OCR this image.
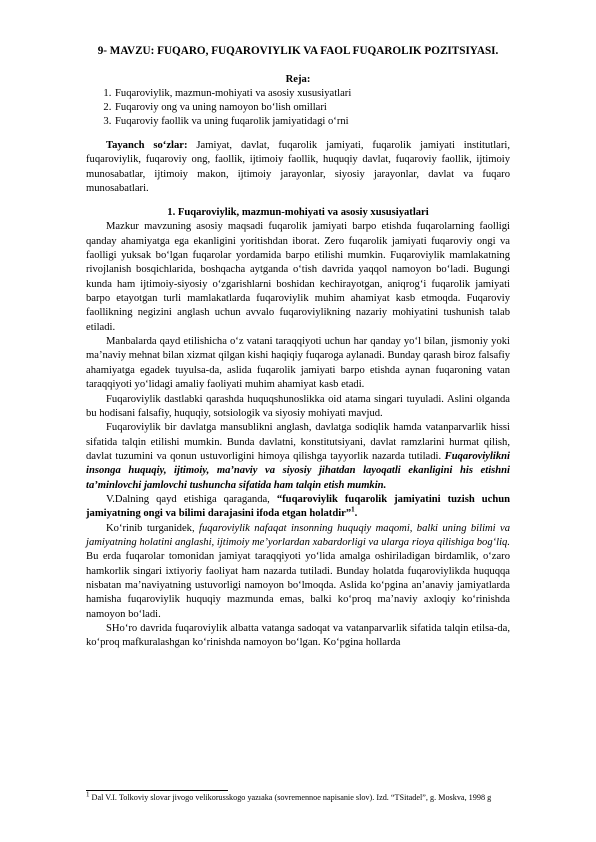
9- MAVZU: FUQARO, FUQAROVIYLIK VA FAOL FUQAROLIK POZITSIYASI.
Reja:
1. Fuqaroviylik, mazmun-mohiyati va asosiy xususiyatlari
2. Fuqaroviy ong va uning namoyon bo‘lish omillari
3. Fuqaroviy faollik va uning fuqarolik jamiyatidagi o‘rni

Tayanch so‘zlar: Jamiyat, davlat, fuqarolik jamiyati, fuqarolik jamiyati institutlari, fuqaroviylik, fuqaroviy ong, faollik, ijtimoiy faollik, huquqiy davlat, fuqaroviy faollik, ijtimoiy munosabatlar, ijtimoiy makon, ijtimoiy jarayonlar, siyosiy jarayonlar, davlat va fuqaro munosabatlari.

1. Fuqaroviylik, mazmun-mohiyati va asosiy xususiyatlari

Mazkur mavzuning asosiy maqsadi fuqarolik jamiyati barpo etishda fuqarolarning faolligi qanday ahamiyatga ega ekanligini yoritishdan iborat. Zero fuqarolik jamiyati fuqaroviy ongi va faolligi yuksak bo‘lgan fuqarolar yordamida barpo etilishi mumkin. Fuqaroviylik mamlakatning rivojlanish bosqichlarida, boshqacha aytganda o‘tish davrida yaqqol namoyon bo‘ladi. Bugungi kunda ham ijtimoiy-siyosiy o‘zgarishlarni boshidan kechirayotgan, aniqrog‘i fuqarolik jamiyati barpo etayotgan turli mamlakatlarda fuqaroviylik muhim ahamiyat kasb etmoqda. Fuqaroviy faollikning negizini anglash uchun avvalo fuqaroviylikning nazariy mohiyatini tushunish talab etiladi.

Manbalarda qayd etilishicha o‘z vatani taraqqiyoti uchun har qanday yo‘l bilan, jismoniy yoki ma’naviy mehnat bilan xizmat qilgan kishi haqiqiy fuqaroga aylanadi. Bunday qarash biroz falsafiy ahamiyatga egadek tuyulsa-da, aslida fuqarolik jamiyati barpo etishda aynan fuqaroning vatan taraqqiyoti yo‘lidagi amaliy faoliyati muhim ahamiyat kasb etadi.

Fuqaroviylik dastlabki qarashda huquqshunoslikka oid atama singari tuyuladi. Aslini olganda bu hodisani falsafiy, huquqiy, sotsiologik va siyosiy mohiyati mavjud.

Fuqaroviylik bir davlatga mansublikni anglash, davlatga sodiqlik hamda vatanparvarlik hissi sifatida talqin etilishi mumkin. Bunda davlatni, konstitutsiyani, davlat ramzlarini hurmat qilish, davlat tuzumini va qonun ustuvorligini himoya qilishga tayyorlik nazarda tutiladi. Fuqaroviylikni insonga huquqiy, ijtimoiy, ma’naviy va siyosiy jihatdan layoqatli ekanligini his etishni ta’minlovchi jamlovchi tushuncha sifatida ham talqin etish mumkin.

V.Dalning qayd etishiga qaraganda, “fuqaroviylik fuqarolik jamiyatini tuzish uchun jamiyatning ongi va bilimi darajasini ifoda etgan holatdir”$^1$.

Ko‘rinib turganidek, fuqaroviylik nafaqat insonning huquqiy maqomi, balki uning bilimi va jamiyatning holatini anglashi, ijtimoiy me’yorlardan xabardorligi va ularga rioya qilishiga bog‘liq. Bu erda fuqarolar tomonidan jamiyat taraqqiyoti yo‘lida amalga oshiriladigan birdamlik, o‘zaro hamkorlik singari ixtiyoriy faoliyat ham nazarda tutiladi. Bunday holatda fuqaroviylikda huquqqa nisbatan ma’naviyatning ustuvorligi namoyon bo‘lmoqda. Aslida ko‘pgina an’anaviy jamiyatlarda hamisha fuqaroviylik huquqiy mazmunda emas, balki ko‘proq ma’naviy axloqiy ko‘rinishda namoyon bo‘ladi.

SHo‘ro davrida fuqaroviylik albatta vatanga sadoqat va vatanparvarlik sifatida talqin etilsa-da, ko‘proq mafkuralashgan ko‘rinishda namoyon bo‘lgan. Ko‘pgina hollarda

$^1$ Dal V.I. Tolkoviy slovar jivogo velikorusskogo yazıaka (sovremennoe napisanie slov). Izd. “TSitadel”, g. Moskva, 1998 g
